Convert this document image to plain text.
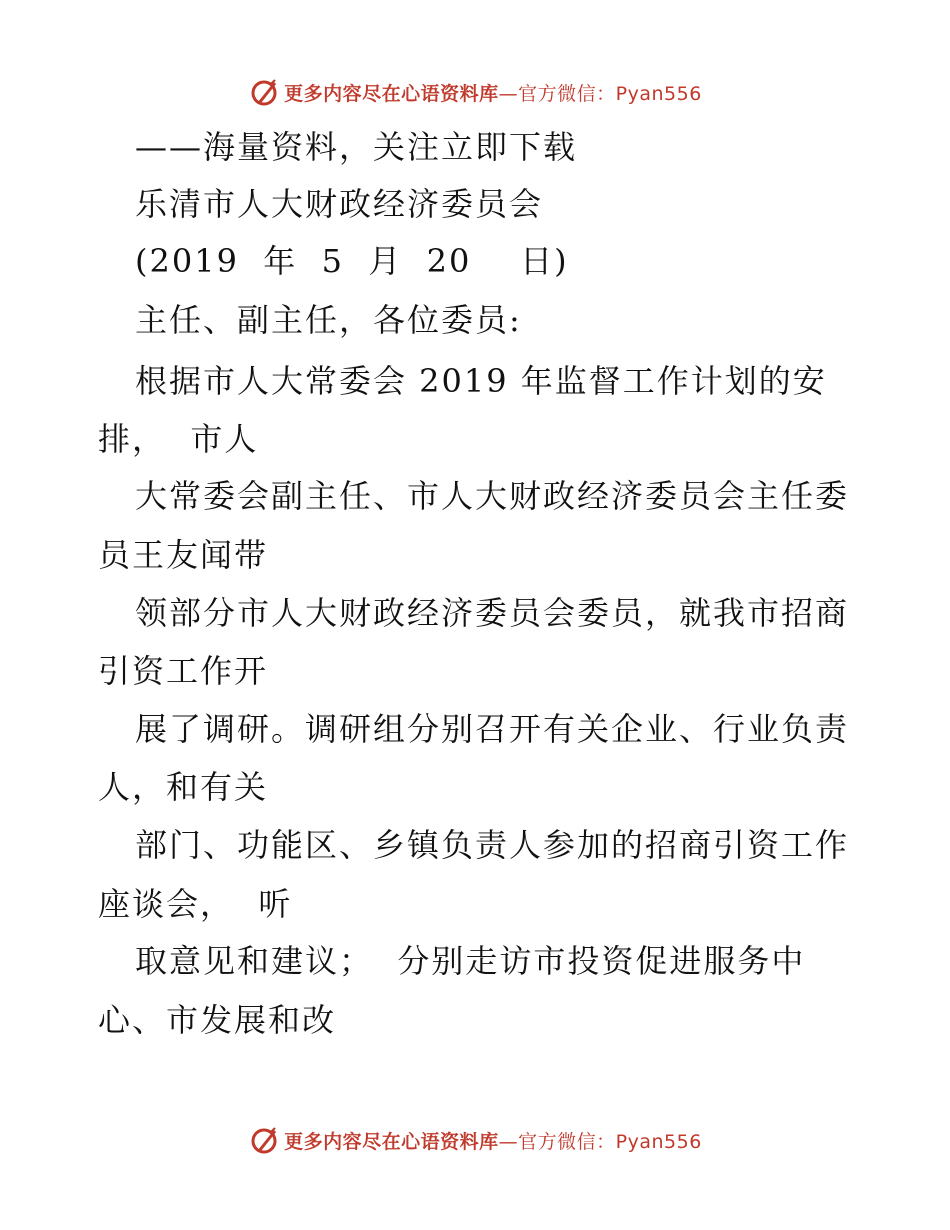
更多内容尽在心语资料库 —官方微信：Pyan556
——海量资料，关注立即下载
乐清市人大财政经济委员会
(2019  年  5  月  20    日)
主任、副主任，各位委员:
根据市人大常委会 2019 年监督工作计划的安
排，  市人
大常委会副主任、市人大财政经济委员会主任委
员王友闻带
领部分市人大财政经济委员会委员，就我市招商
引资工作开
展了调研。调研组分别召开有关企业、行业负责
人，和有关
部门、功能区、乡镇负责人参加的招商引资工作
座谈会，  听
取意见和建议；  分别走访市投资促进服务中
心、市发展和改
更多内容尽在心语资料库 —官方微信：Pyan556
